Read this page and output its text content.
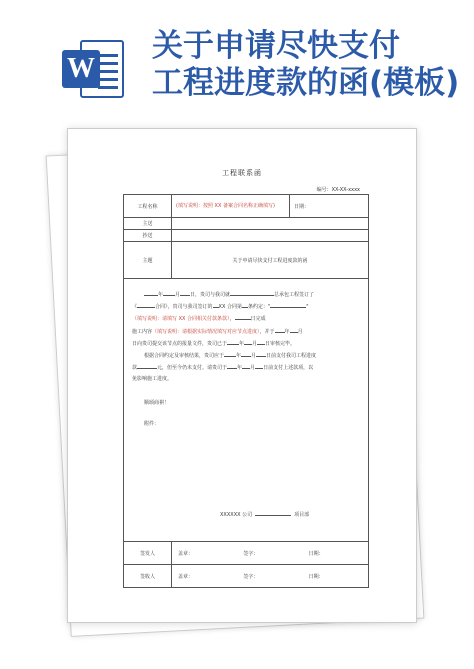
W
关于申请尽快支付
工程进度款的函(模板)
工程联系函
编号：XX-XX-xxxx
工程名称	(填写说明：按照 XX 备案合同名称正确填写)	日期：
主送
抄送
主题	关于申请尽快支付工程进度款的函

年 月 日，贵司与我司就	总承包工程签订了

《	合同》，贵司与我司签订的 XX 合同第 条约定："	"

（填写说明：请填写 XX 合同相关付款条款），	日完成

施工内容（填写说明：请根据实际情况填写对应节点进度），并于 年 月

日向贵司提交该节点的报量文件，贵司已于 年 月 日审核完毕。

根据合同约定及审核结果，贵司应于 年 月 日前支付我司工程进度

款	元，但至今仍未支付。请贵司于 年 月 日前支付上述款项，以

免影响施工进度。

顺颂商祺！

附件：

XXXXXX 公司	项目部

签发人	盖章：	签字：	日期：
签收人	盖章：	签字：	日期：
